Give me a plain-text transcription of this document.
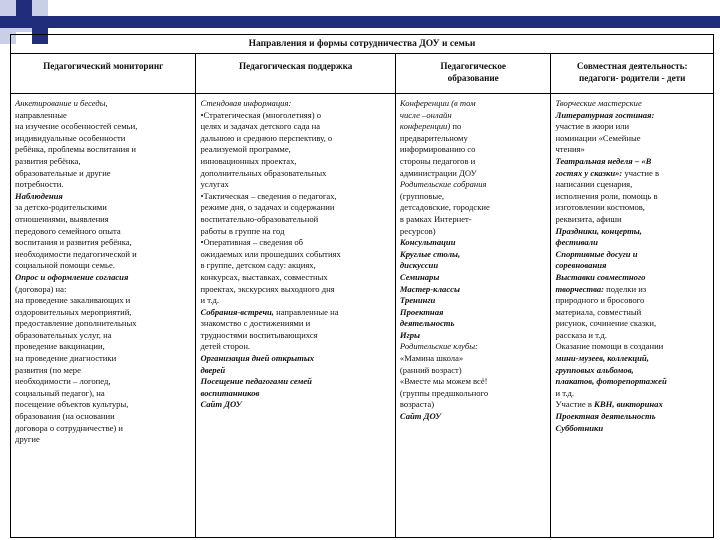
Направления и формы сотрудничества ДОУ и семьи
Педагогический мониторинг
Анкетирование и беседы,
направленные
на изучение особенностей семьи,
индивидуальные особенности
ребёнка, проблемы воспитания и
развития ребёнка,
образовательные и другие
потребности.
Наблюдения
за детско-родительскими
отношениями, выявления
передового семейного опыта
воспитания и развития ребёнка,
необходимости педагогической и
социальной помощи семье.
Опрос и оформление согласия
(договора) на:
на проведение закаливающих и
оздоровительных мероприятий,
предоставление дополнительных
образовательных услуг, на
проведение вакцинации,
на проведение диагностики
развития (по мере
необходимости – логопед,
социальный педагог), на
посещение объектов культуры,
образования (на основании
договора о сотрудничестве) и
другие
Педагогическая поддержка
Стендовая информация:
•Стратегическая (многолетняя) о
целях и задачах детского сада на
дальнюю и среднюю перспективу, о
реализуемой программе,
инновационных проектах,
дополнительных образовательных
услугах
•Тактическая – сведения о педагогах,
режиме дня, о задачах и содержании
воспитательно-образовательной
работы в группе на год
•Оперативная – сведения об
ожидаемых или прошедших событиях
в группе, детском саду: акциях,
конкурсах, выставках, совместных
проектах, экскурсиях выходного дня
и т.д.
Собрания-встречи, направленные на
знакомство с достижениями и
трудностями воспитывающихся
детей сторон.
Организация дней открытых
дверей
Посещение педагогами семей
воспитанников
Сайт ДОУ
Педагогическое
образование
Конференции (в том
числе –онлайн
конференции) по
предварительному
информированию со
стороны педагогов и
администрации ДОУ
Родительские собрания
(групповые,
детсадовские, городские
в рамках Интернет-
ресурсов)
Консультации
Круглые столы,
дискуссии
Семинары
Мастер-классы
Тренинги
Проектная
деятельность
Игры
Родительские клубы:
«Мамина школа»
(ранний возраст)
«Вместе мы можем всё!
(группы предшкольного
возраста)
Сайт ДОУ
Совместная деятельность:
педагоги- родители - дети
Творческие мастерские
Литературная гостиная:
участие в жюри или
номинации «Семейные
чтения»
Театральная неделя – «В
гостях у сказки»: участие в
написании сценария,
исполнения роли, помощь в
изготовлении костюмов,
реквизита, афиши
Праздники, концерты,
фестивали
Спортивные досуги и
соревнования
Выставки совместного
творчества: поделки из
природного и бросового
материала, совместный
рисунок, сочинение сказки,
рассказа и т.д.
Оказание помощи в создании
мини-музеев, коллекций,
групповых альбомов,
плакатов, фоторепортажей
и т.д.
Участие в КВН, викторинах
Проектная деятельность
Субботники
